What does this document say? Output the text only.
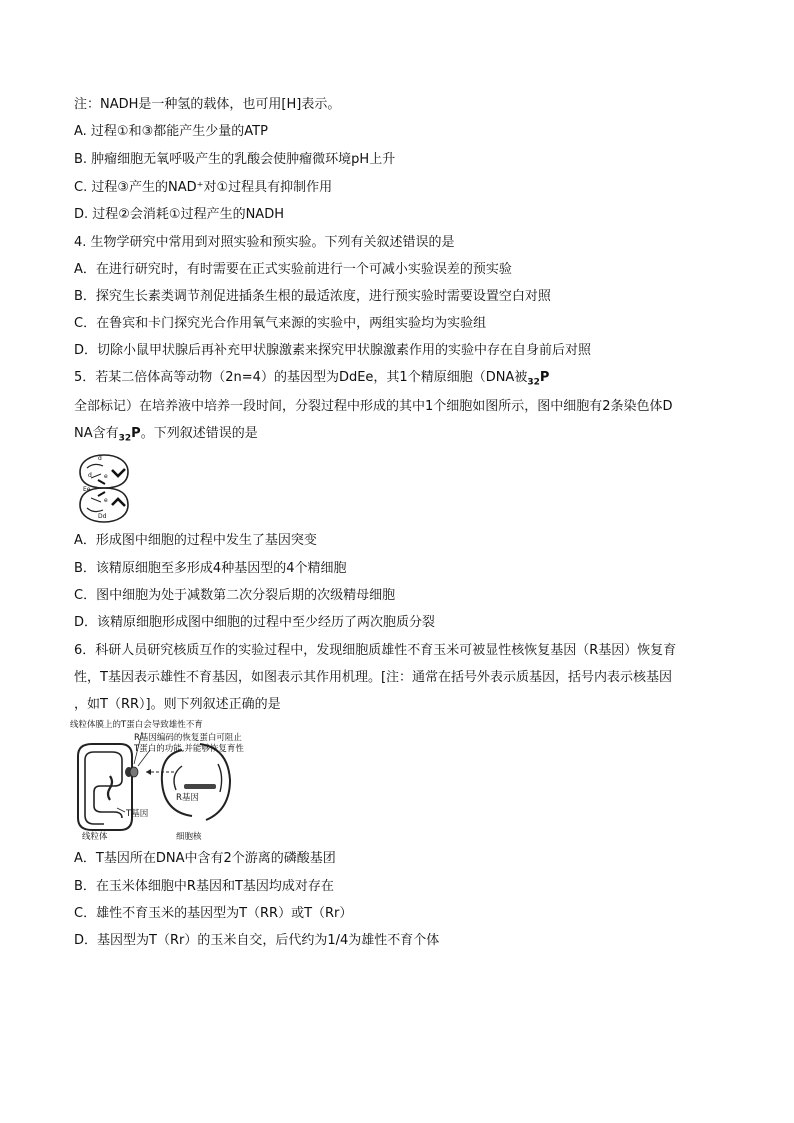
注：NADH是一种氢的载体，也可用[H]表示。
A. 过程①和③都能产生少量的ATP
B. 肿瘤细胞无氧呼吸产生的乳酸会使肿瘤微环境pH上升
C. 过程③产生的NAD⁺对①过程具有抑制作用
D. 过程②会消耗①过程产生的NADH
4. 生物学研究中常用到对照实验和预实验。下列有关叙述错误的是
A．在进行研究时，有时需要在正式实验前进行一个可减小实验误差的预实验
B．探究生长素类调节剂促进插条生根的最适浓度，进行预实验时需要设置空白对照
C．在鲁宾和卡门探究光合作用氧气来源的实验中，两组实验均为实验组
D．切除小鼠甲状腺后再补充甲状腺激素来探究甲状腺激素作用的实验中存在自身前后对照
5．若某二倍体高等动物（2n=4）的基因型为DdEe，其1个精原细胞（DNA被$_{32}$P
全部标记）在培养液中培养一段时间，分裂过程中形成的其中1个细胞如图所示，图中细胞有2条染色体D
NA含有$_{32}$P。下列叙述错误的是
d
d e
e
Ee
Dd
A．形成图中细胞的过程中发生了基因突变
B．该精原细胞至多形成4种基因型的4个精细胞
C．图中细胞为处于减数第二次分裂后期的次级精母细胞
D．该精原细胞形成图中细胞的过程中至少经历了两次胞质分裂
6．科研人员研究核质互作的实验过程中，发现细胞质雄性不育玉米可被显性核恢复基因（R基因）恢复育
性，T基因表示雄性不育基因，如图表示其作用机理。[注：通常在括号外表示质基因，括号内表示核基因
，如T（RR）]。则下列叙述正确的是
线粒体膜上的T蛋白会导致雄性不育
R基因编码的恢复蛋白可阻止
T蛋白的功能,并能够恢复育性
T基因
R基因
线粒体	细胞核
A．T基因所在DNA中含有2个游离的磷酸基团
B．在玉米体细胞中R基因和T基因均成对存在
C．雄性不育玉米的基因型为T（RR）或T（Rr）
D．基因型为T（Rr）的玉米自交，后代约为1/4为雄性不育个体
